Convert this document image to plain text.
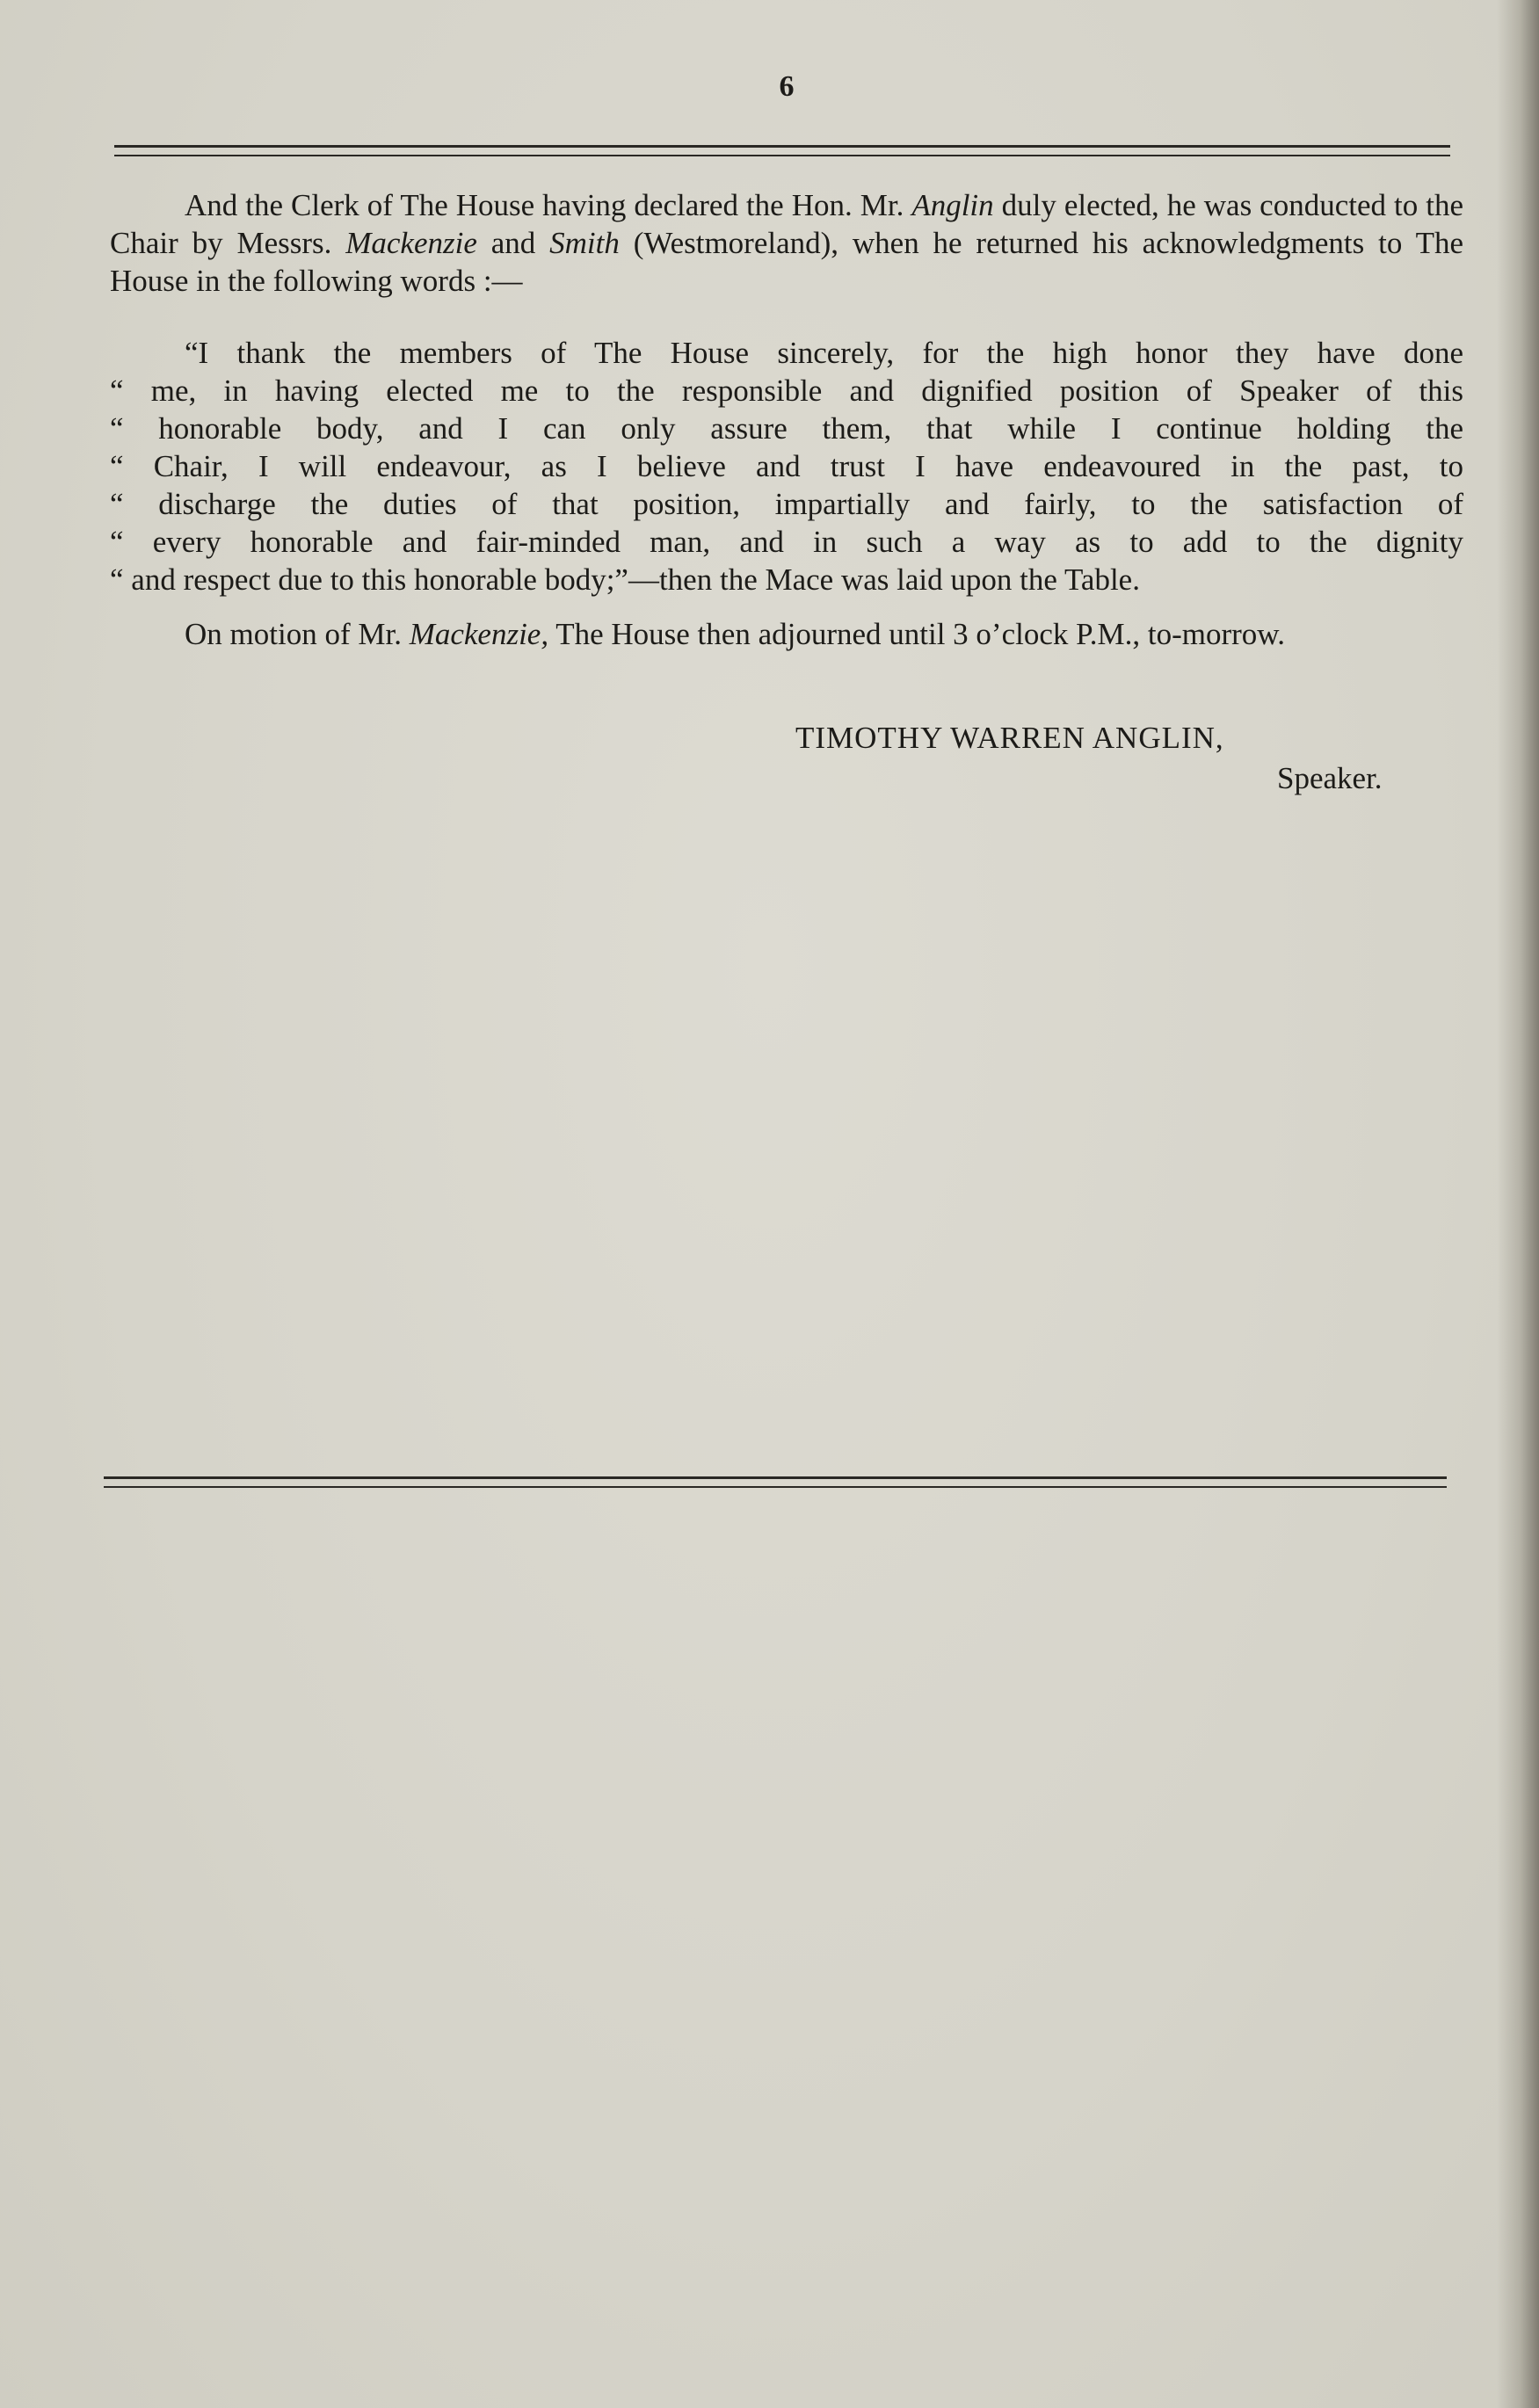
6

And the Clerk of The House having declared the Hon. Mr. Anglin duly elected, he was conducted to the Chair by Messrs. Mackenzie and Smith (Westmoreland), when he returned his acknowledgments to The House in the following words :—

“I thank the members of The House sincerely, for the high honor they have done
“ me, in having elected me to the responsible and dignified position of Speaker of this
“ honorable body, and I can only assure them, that while I continue holding the
“ Chair, I will endeavour, as I believe and trust I have endeavoured in the past, to
“ discharge the duties of that position, impartially and fairly, to the satisfaction of
“ every honorable and fair-minded man, and in such a way as to add to the dignity
“ and respect due to this honorable body;”—then the Mace was laid upon the Table.

On motion of Mr. Mackenzie, The House then adjourned until 3 o’clock P.M., to-morrow.

TIMOTHY WARREN ANGLIN,
Speaker.
